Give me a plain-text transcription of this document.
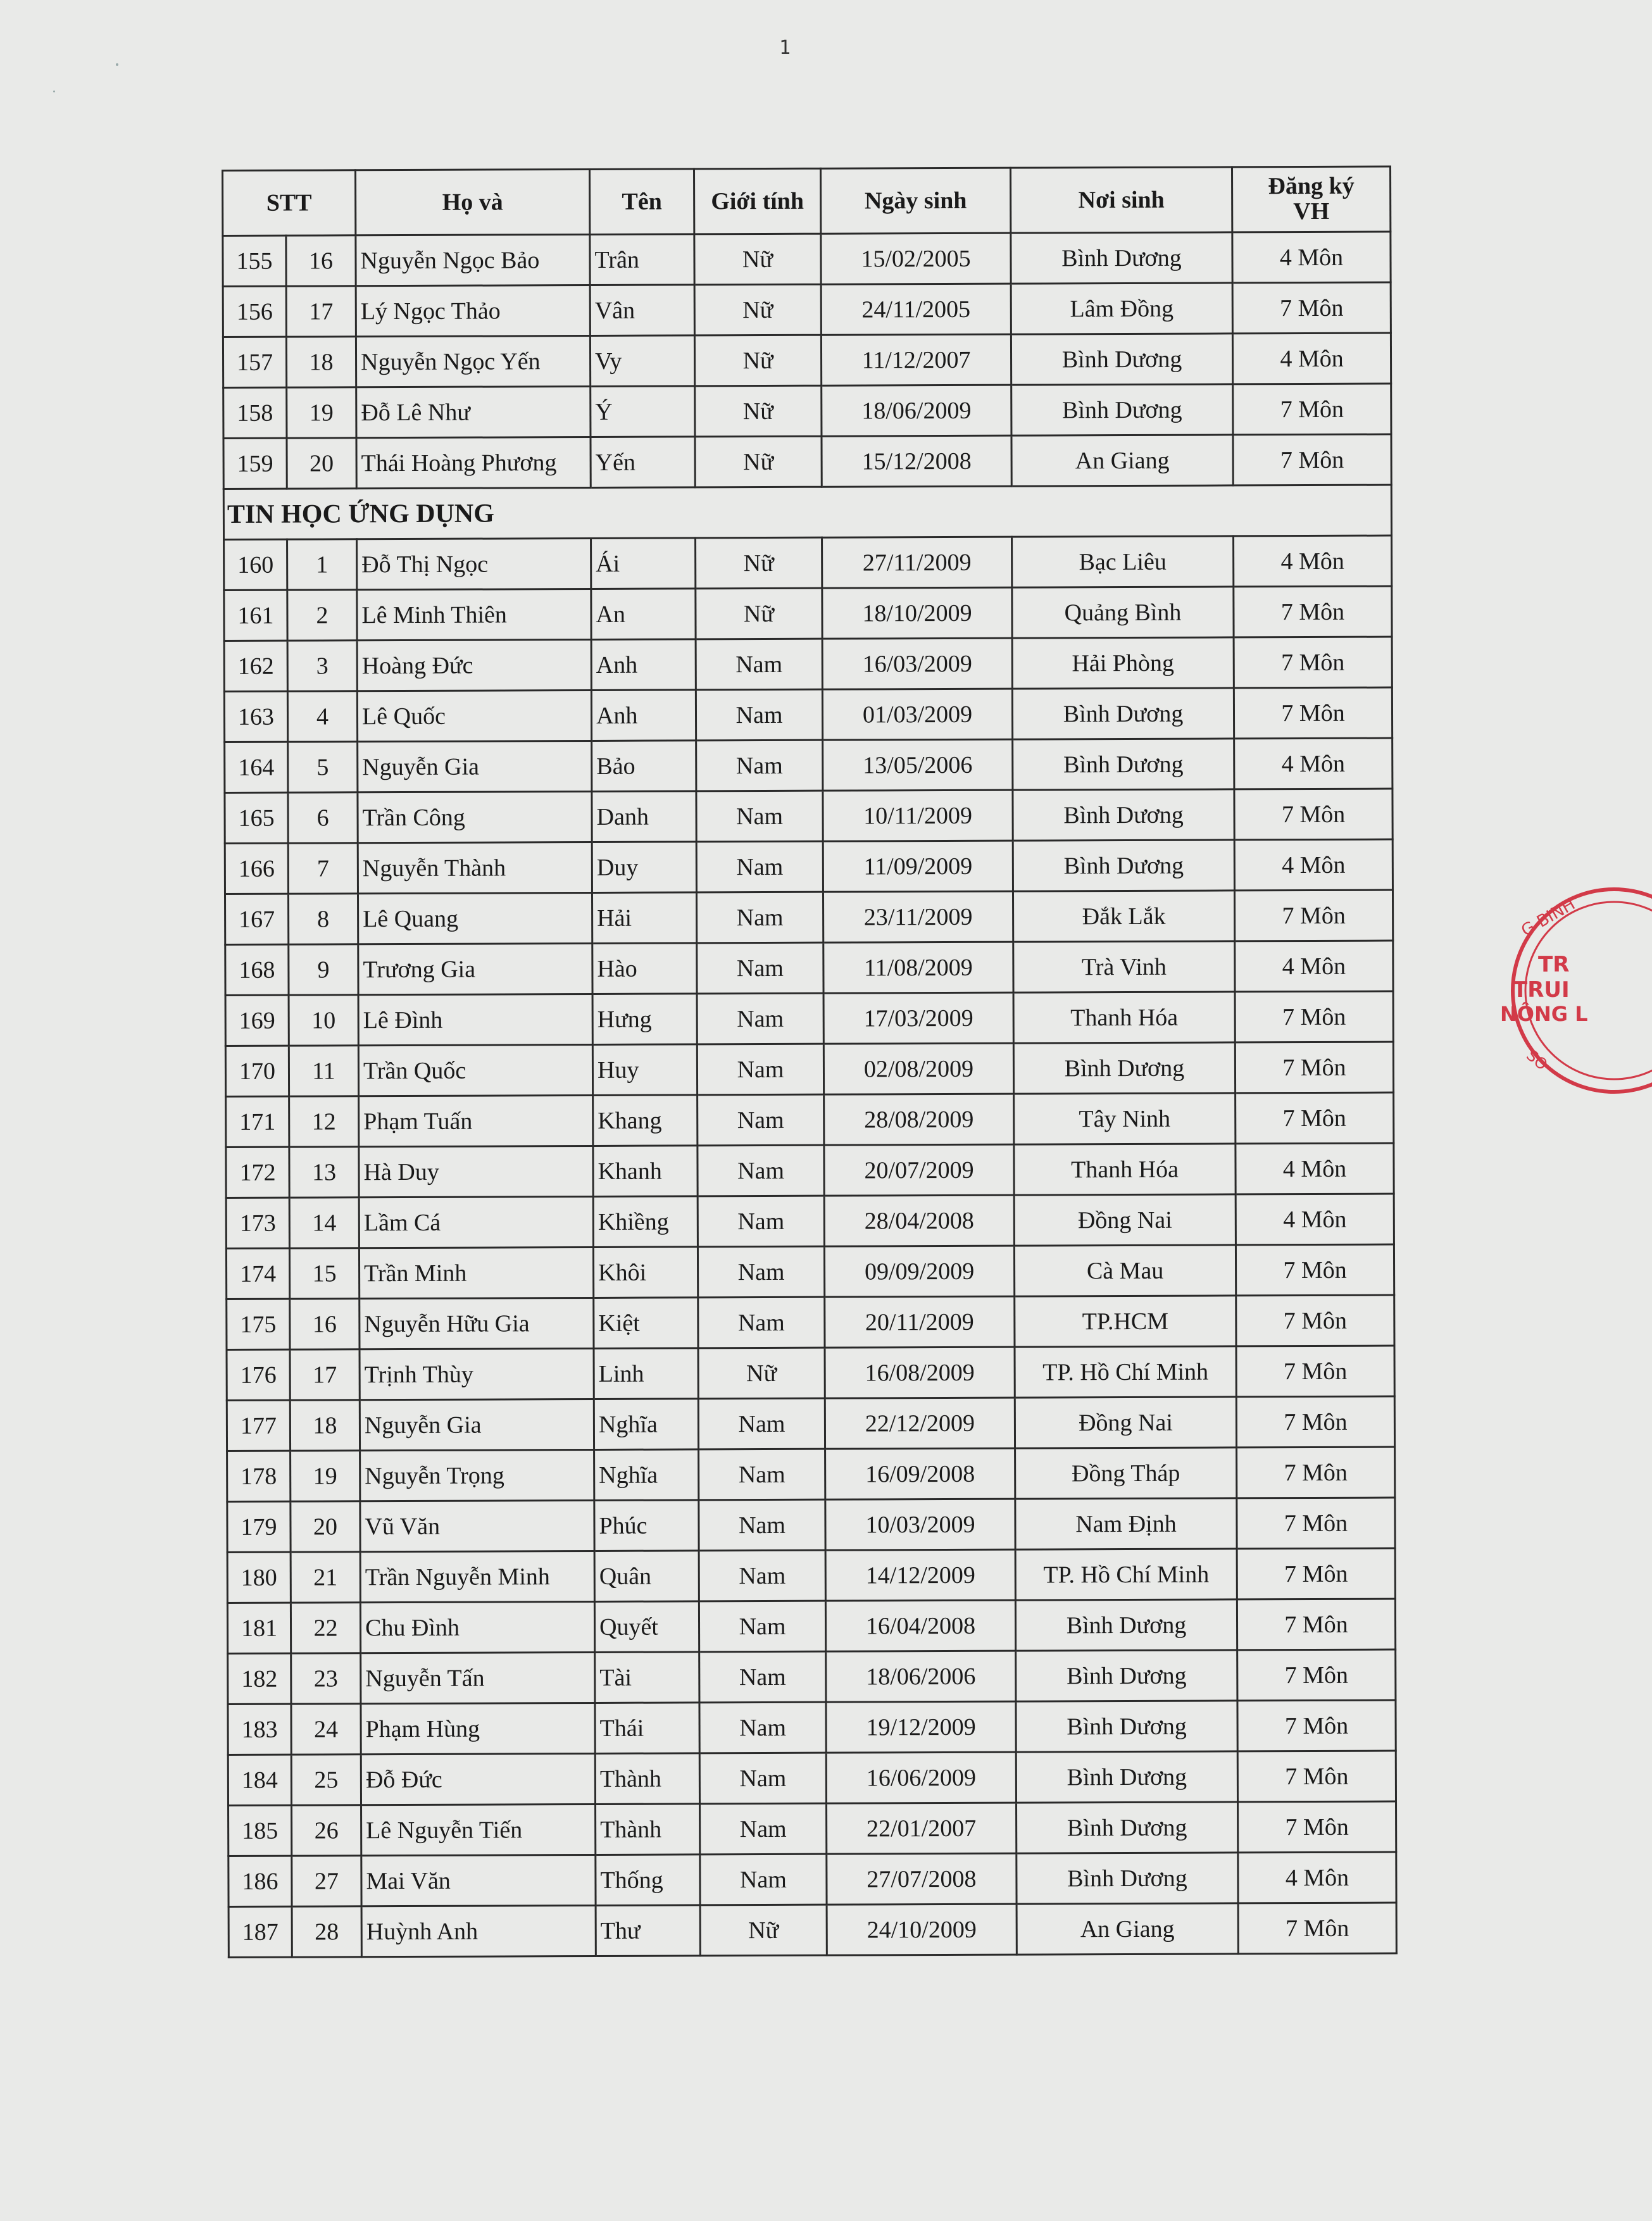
1
STT		Họ và	Tên	Giới tính	Ngày sinh	Nơi sinh	Đăng ký
VH
155	16	Nguyễn Ngọc Bảo	Trân	Nữ	15/02/2005	Bình Dương	4 Môn
156	17	Lý Ngọc Thảo	Vân	Nữ	24/11/2005	Lâm Đồng	7 Môn
157	18	Nguyễn Ngọc Yến	Vy	Nữ	11/12/2007	Bình Dương	4 Môn
158	19	Đỗ Lê Như	Ý	Nữ	18/06/2009	Bình Dương	7 Môn
159	20	Thái Hoàng Phương	Yến	Nữ	15/12/2008	An Giang	7 Môn
TIN HỌC ỨNG DỤNG							
160	1	Đỗ Thị Ngọc	Ái	Nữ	27/11/2009	Bạc Liêu	4 Môn
161	2	Lê Minh Thiên	An	Nữ	18/10/2009	Quảng Bình	7 Môn
162	3	Hoàng Đức	Anh	Nam	16/03/2009	Hải Phòng	7 Môn
163	4	Lê Quốc	Anh	Nam	01/03/2009	Bình Dương	7 Môn
164	5	Nguyễn Gia	Bảo	Nam	13/05/2006	Bình Dương	4 Môn
165	6	Trần Công	Danh	Nam	10/11/2009	Bình Dương	7 Môn
166	7	Nguyễn Thành	Duy	Nam	11/09/2009	Bình Dương	4 Môn
167	8	Lê Quang	Hải	Nam	23/11/2009	Đắk Lắk	7 Môn
168	9	Trương Gia	Hào	Nam	11/08/2009	Trà Vinh	4 Môn
169	10	Lê Đình	Hưng	Nam	17/03/2009	Thanh Hóa	7 Môn
170	11	Trần Quốc	Huy	Nam	02/08/2009	Bình Dương	7 Môn
171	12	Phạm Tuấn	Khang	Nam	28/08/2009	Tây Ninh	7 Môn
172	13	Hà Duy	Khanh	Nam	20/07/2009	Thanh Hóa	4 Môn
173	14	Lầm Cá	Khiềng	Nam	28/04/2008	Đồng Nai	4 Môn
174	15	Trần Minh	Khôi	Nam	09/09/2009	Cà Mau	7 Môn
175	16	Nguyễn Hữu Gia	Kiệt	Nam	20/11/2009	TP.HCM	7 Môn
176	17	Trịnh Thùy	Linh	Nữ	16/08/2009	TP. Hồ Chí Minh	7 Môn
177	18	Nguyễn Gia	Nghĩa	Nam	22/12/2009	Đồng Nai	7 Môn
178	19	Nguyễn Trọng	Nghĩa	Nam	16/09/2008	Đồng Tháp	7 Môn
179	20	Vũ Văn	Phúc	Nam	10/03/2009	Nam Định	7 Môn
180	21	Trần Nguyễn Minh	Quân	Nam	14/12/2009	TP. Hồ Chí Minh	7 Môn
181	22	Chu Đình	Quyết	Nam	16/04/2008	Bình Dương	7 Môn
182	23	Nguyễn Tấn	Tài	Nam	18/06/2006	Bình Dương	7 Môn
183	24	Phạm Hùng	Thái	Nam	19/12/2009	Bình Dương	7 Môn
184	25	Đỗ Đức	Thành	Nam	16/06/2009	Bình Dương	7 Môn
185	26	Lê Nguyễn Tiến	Thành	Nam	22/01/2007	Bình Dương	7 Môn
186	27	Mai Văn	Thống	Nam	27/07/2008	Bình Dương	4 Môn
187	28	Huỳnh Anh	Thư	Nữ	24/10/2009	An Giang	7 Môn
G BINH
TR
TRUI
NÔNG L
SO
